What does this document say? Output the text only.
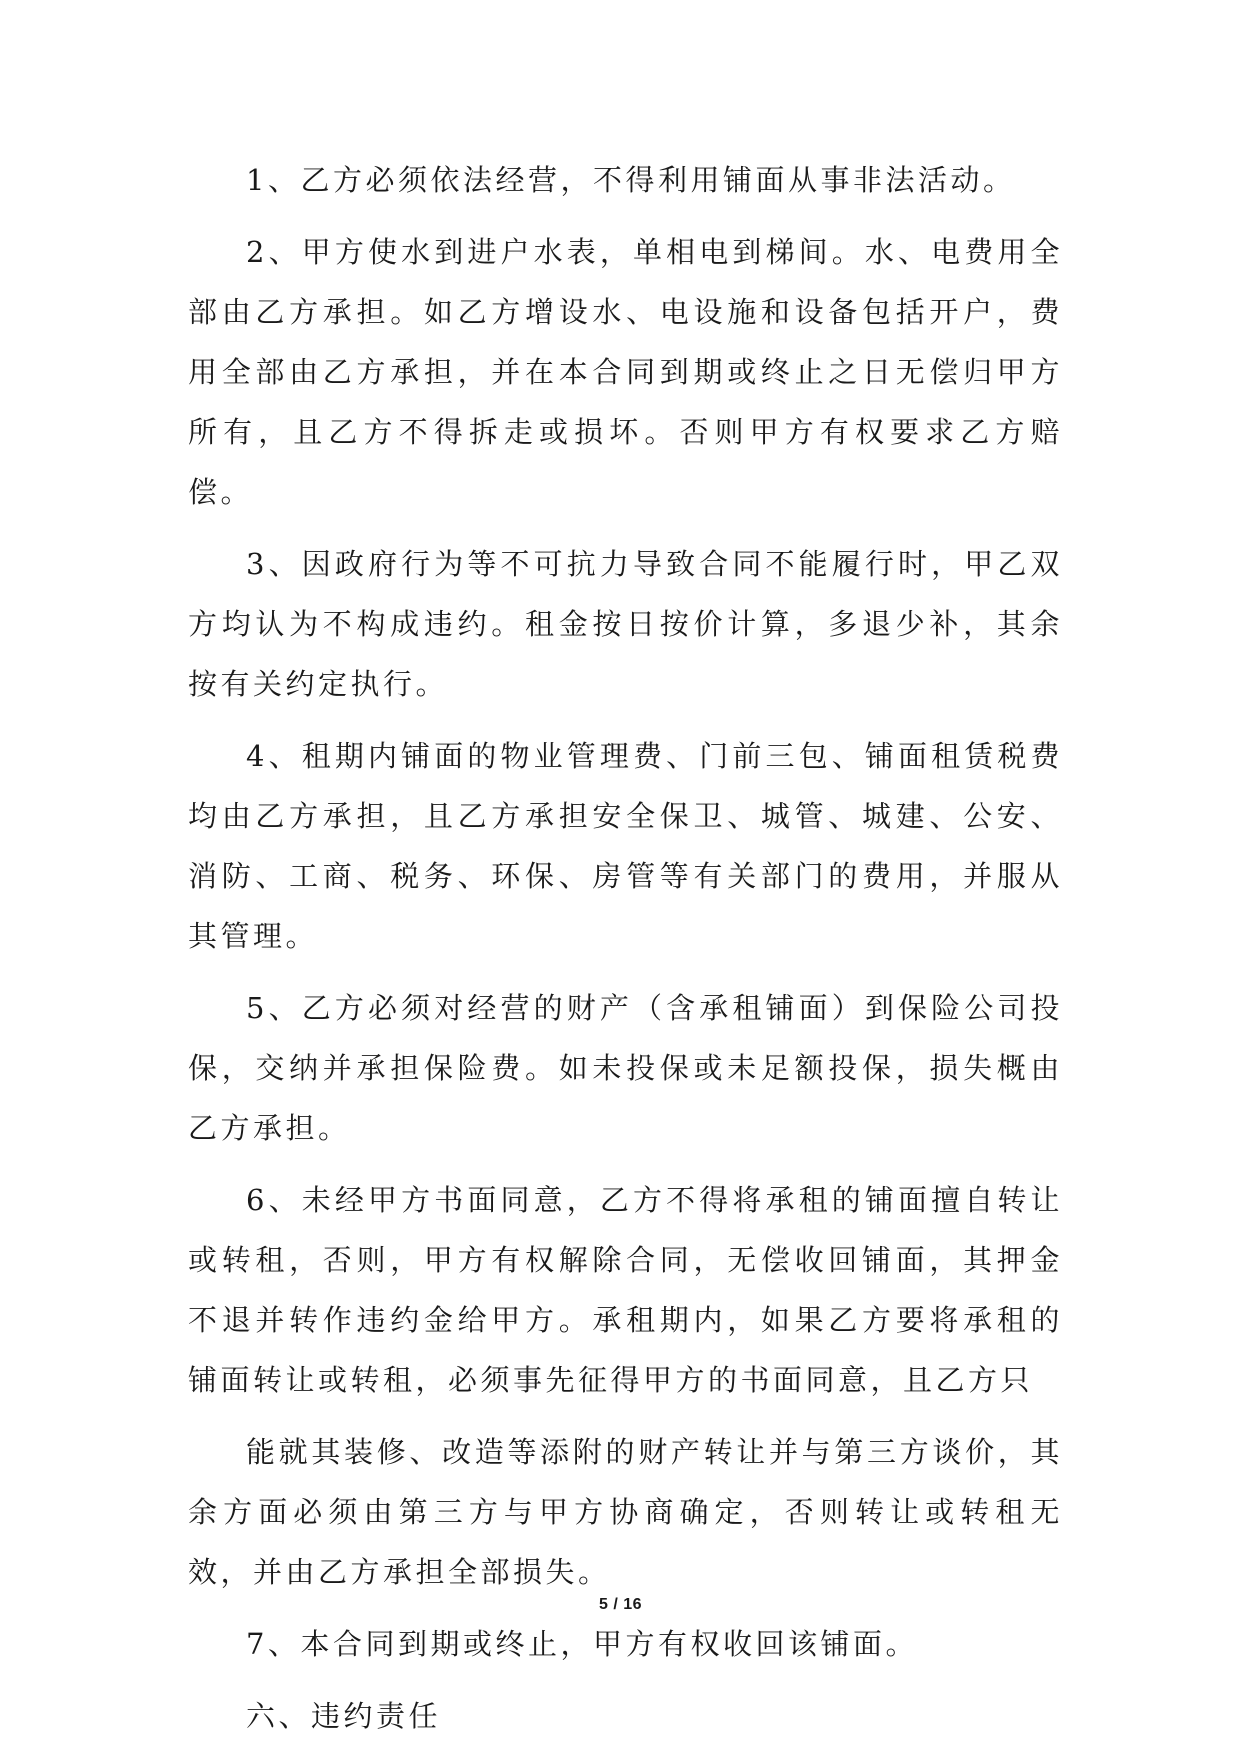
1、乙方必须依法经营，不得利用铺面从事非法活动。

2、甲方使水到进户水表，单相电到梯间。水、电费用全部由乙方承担。如乙方增设水、电设施和设备包括开户，费用全部由乙方承担，并在本合同到期或终止之日无偿归甲方所有，且乙方不得拆走或损坏。否则甲方有权要求乙方赔偿。

3、因政府行为等不可抗力导致合同不能履行时，甲乙双方均认为不构成违约。租金按日按价计算，多退少补，其余按有关约定执行。

4、租期内铺面的物业管理费、门前三包、铺面租赁税费均由乙方承担，且乙方承担安全保卫、城管、城建、公安、消防、工商、税务、环保、房管等有关部门的费用，并服从其管理。

5、乙方必须对经营的财产（含承租铺面）到保险公司投保，交纳并承担保险费。如未投保或未足额投保，损失概由乙方承担。

6、未经甲方书面同意，乙方不得将承租的铺面擅自转让或转租，否则，甲方有权解除合同，无偿收回铺面，其押金不退并转作违约金给甲方。承租期内，如果乙方要将承租的铺面转让或转租，必须事先征得甲方的书面同意，且乙方只

能就其装修、改造等添附的财产转让并与第三方谈价，其余方面必须由第三方与甲方协商确定，否则转让或转租无效，并由乙方承担全部损失。

7、本合同到期或终止，甲方有权收回该铺面。

六、违约责任

5 / 16
